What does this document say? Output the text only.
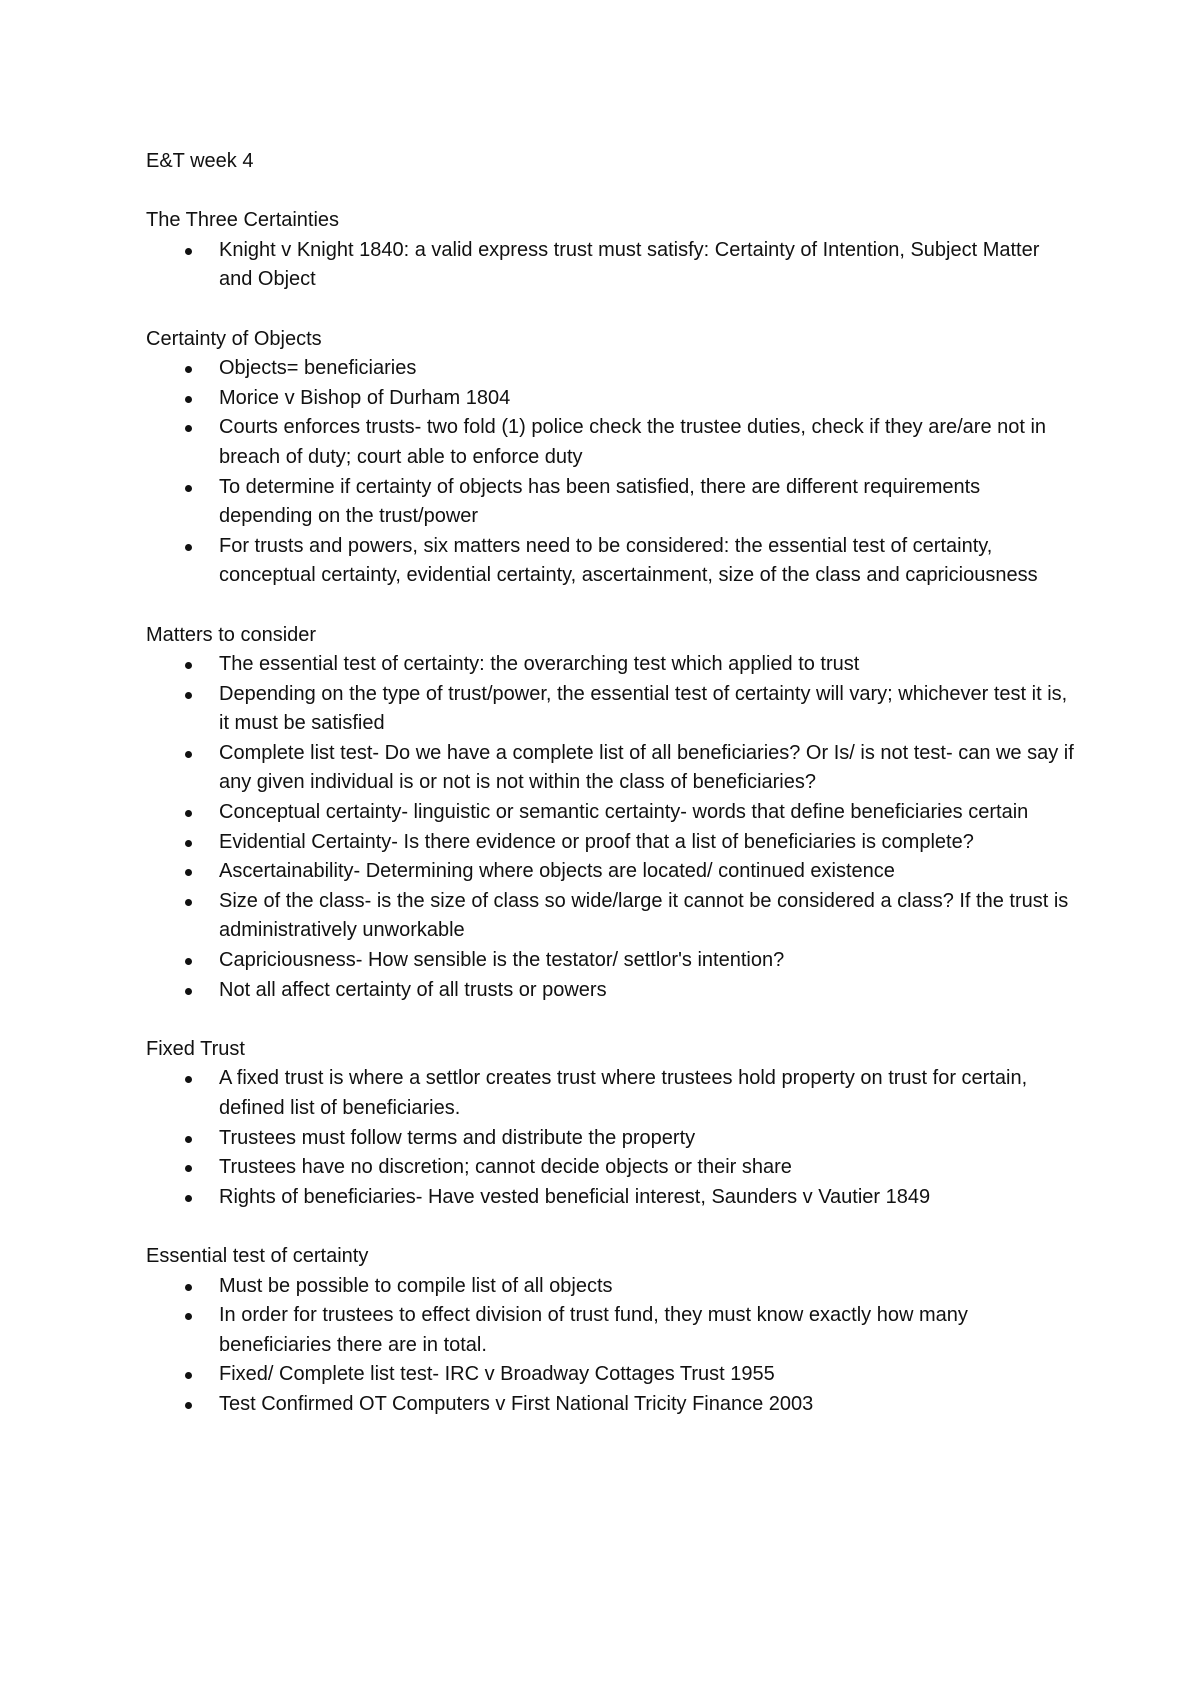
E&T week 4

The Three Certainties

Knight v Knight 1840: a valid express trust must satisfy: Certainty of Intention, Subject Matter and Object

Certainty of Objects

Objects= beneficiaries
Morice v Bishop of Durham 1804
Courts enforces trusts- two fold (1) police check the trustee duties, check if they are/are not in breach of duty; court able to enforce duty
To determine if certainty of objects has been satisfied, there are different requirements depending on the trust/power
For trusts and powers, six matters need to be considered: the essential test of certainty, conceptual certainty, evidential certainty, ascertainment, size of the class and capriciousness

Matters to consider

The essential test of certainty: the overarching test which applied to trust
Depending on the type of trust/power, the essential test of certainty will vary; whichever test it is, it must be satisfied
Complete list test- Do we have a complete list of all beneficiaries? Or Is/ is not test- can we say if any given individual is or not is not within the class of beneficiaries?
Conceptual certainty- linguistic or semantic certainty- words that define beneficiaries certain
Evidential Certainty- Is there evidence or proof that a list of beneficiaries is complete?
Ascertainability- Determining where objects are located/ continued existence
Size of the class- is the size of class so wide/large it cannot be considered a class? If the trust is administratively unworkable
Capriciousness- How sensible is the testator/ settlor's intention?
Not all affect certainty of all trusts or powers

Fixed Trust

A fixed trust is where a settlor creates trust where trustees hold property on trust for certain, defined list of beneficiaries.
Trustees must follow terms and distribute the property
Trustees have no discretion; cannot decide objects or their share
Rights of beneficiaries- Have vested beneficial interest, Saunders v Vautier 1849

Essential test of certainty

Must be possible to compile list of all objects
In order for trustees to effect division of trust fund, they must know exactly how many beneficiaries there are in total.
Fixed/ Complete list test- IRC v Broadway Cottages Trust 1955
Test Confirmed OT Computers v First National Tricity Finance 2003
